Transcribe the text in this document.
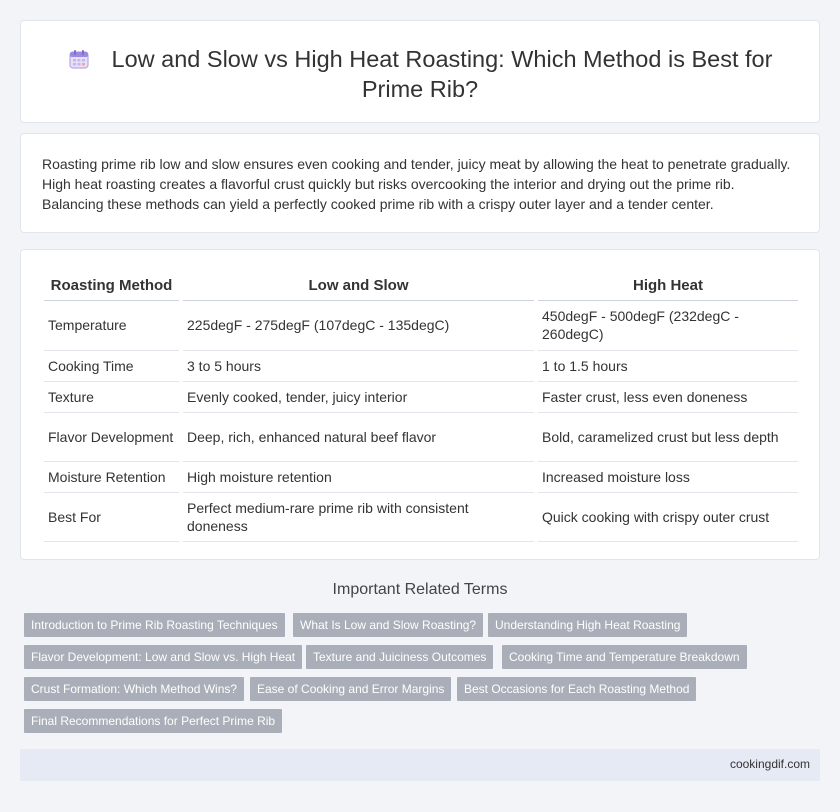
Low and Slow vs High Heat Roasting: Which Method is Best for Prime Rib?

Roasting prime rib low and slow ensures even cooking and tender, juicy meat by allowing the heat to penetrate gradually. High heat roasting creates a flavorful crust quickly but risks overcooking the interior and drying out the prime rib. Balancing these methods can yield a perfectly cooked prime rib with a crispy outer layer and a tender center.

Roasting Method	Low and Slow	High Heat
Temperature	225degF - 275degF (107degC - 135degC)	450degF - 500degF (232degC - 260degC)
Cooking Time	3 to 5 hours	1 to 1.5 hours
Texture	Evenly cooked, tender, juicy interior	Faster crust, less even doneness
Flavor Development	Deep, rich, enhanced natural beef flavor	Bold, caramelized crust but less depth
Moisture Retention	High moisture retention	Increased moisture loss
Best For	Perfect medium-rare prime rib with consistent doneness	Quick cooking with crispy outer crust
Important Related Terms
Introduction to Prime Rib Roasting Techniques	What Is Low and Slow Roasting?	Understanding High Heat Roasting
Flavor Development: Low and Slow vs. High Heat	Texture and Juiciness Outcomes	Cooking Time and Temperature Breakdown
Crust Formation: Which Method Wins?	Ease of Cooking and Error Margins	Best Occasions for Each Roasting Method
Final Recommendations for Perfect Prime Rib
cookingdif.com
